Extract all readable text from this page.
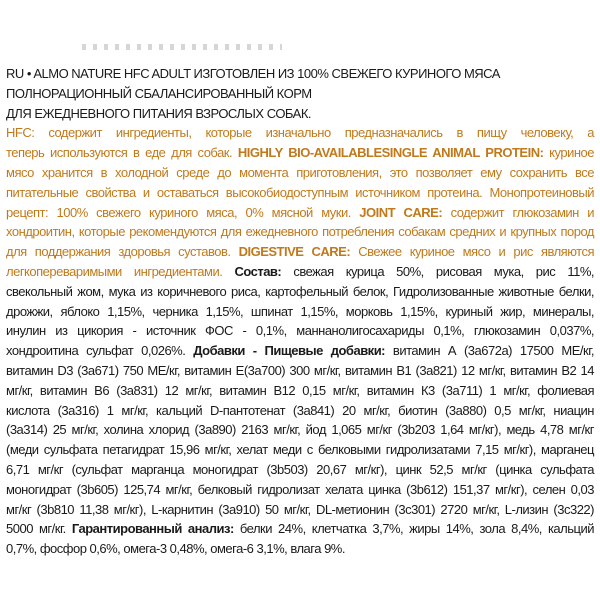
RU • ALMO NATURE HFC ADULT ИЗГОТОВЛЕН ИЗ 100% СВЕЖЕГО КУРИНОГО МЯСА
ПОЛНОРАЦИОННЫЙ СБАЛАНСИРОВАННЫЙ КОРМ
ДЛЯ ЕЖЕДНЕВНОГО ПИТАНИЯ ВЗРОСЛЫХ СОБАК.
HFC: содержит ингредиенты, которые изначально предназначались в пищу человеку, а
теперь используются в еде для собак. HIGHLY BIO-AVAILABLESINGLE ANIMAL PROTEIN: куриное
мясо хранится в холодной среде до момента приготовления, это позволяет ему сохранить все
питательные свойства и оставаться высокобиодоступным источником протеина. Монопротеиновый
рецепт: 100% свежего куриного мяса, 0% мясной муки. JOINT CARE: содержит глюкозамин и
хондроитин, которые рекомендуются для ежедневного потребления собакам средних и крупных пород
для поддержания здоровья суставов. DIGESTIVE CARE: Свежее куриное мясо и рис являются
легкопереваримыми ингредиентами. Состав: свежая курица 50%, рисовая мука, рис 11%,
свекольный жом, мука из коричневого риса, картофельный белок, Гидролизованные животные белки,
дрожжи, яблоко 1,15%, черника 1,15%, шпинат 1,15%, морковь 1,15%, куриный жир, минералы,
инулин из цикория - источник ФОС - 0,1%, маннанолигосахариды 0,1%, глюкозамин 0,037%,
хондроитина сульфат 0,026%. Добавки - Пищевые добавки: витамин А (3а672а) 17500 МЕ/кг,
витамин D3 (3а671) 750 МЕ/кг, витамин Е(3а700) 300 мг/кг, витамин В1 (3а821) 12 мг/кг, витамин В2 14
мг/кг, витамин В6 (3а831) 12 мг/кг, витамин В12 0,15 мг/кг, витамин К3 (3а711) 1 мг/кг, фолиевая
кислота (3а316) 1 мг/кг, кальций D-пантотенат (3а841) 20 мг/кг, биотин (3а880) 0,5 мг/кг, ниацин
(3а314) 25 мг/кг, холина хлорид (3а890) 2163 мг/кг, йод 1,065 мг/кг (3b203 1,64 мг/кг), медь 4,78 мг/кг
(меди сульфата петагидрат 15,96 мг/кг, хелат меди с белковыми гидролизатами 7,15 мг/кг), марганец
6,71 мг/кг (сульфат марганца моногидрат (3b503) 20,67 мг/кг), цинк 52,5 мг/кг (цинка сульфата
моногидрат (3b605) 125,74 мг/кг, белковый гидролизат хелата цинка (3b612) 151,37 мг/кг), селен 0,03
мг/кг (3b810 11,38 мг/кг), L-карнитин (3а910) 50 мг/кг, DL-метионин (3с301) 2720 мг/кг, L-лизин (3с322)
5000 мг/кг. Гарантированный анализ: белки 24%, клетчатка 3,7%, жиры 14%, зола 8,4%, кальций
0,7%, фосфор 0,6%, омега-3 0,48%, омега-6 3,1%, влага 9%.
